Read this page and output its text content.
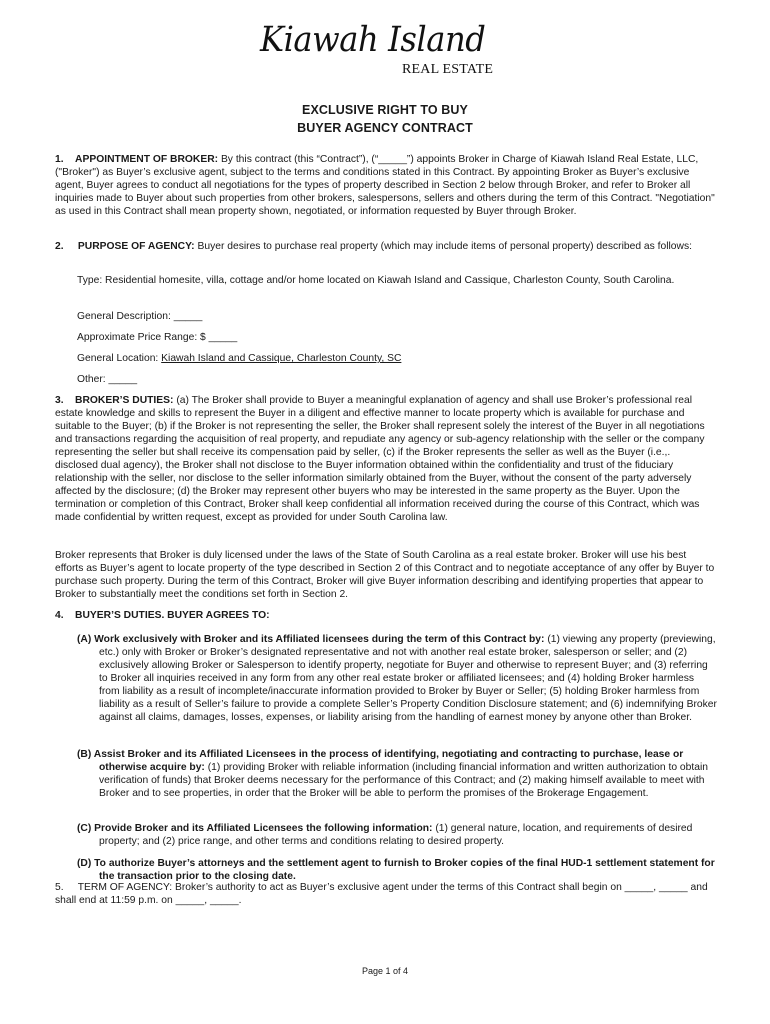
Kiawah Island
REAL ESTATE
EXCLUSIVE RIGHT TO BUY
BUYER AGENCY CONTRACT

1. APPOINTMENT OF BROKER: By this contract (this “Contract”), (“_____”) appoints Broker in Charge of Kiawah Island Real Estate, LLC, ("Broker") as Buyer’s exclusive agent, subject to the terms and conditions stated in this Contract. By appointing Broker as Buyer’s exclusive agent, Buyer agrees to conduct all negotiations for the types of property described in Section 2 below through Broker, and refer to Broker all inquiries made to Buyer about such properties from other brokers, salespersons, sellers and others during the term of this Contract. "Negotiation" as used in this Contract shall mean property shown, negotiated, or information requested by Buyer through Broker.

2. PURPOSE OF AGENCY: Buyer desires to purchase real property (which may include items of personal property) described as follows:

Type: Residential homesite, villa, cottage and/or home located on Kiawah Island and Cassique, Charleston County, South Carolina.
General Description: _____
Approximate Price Range: $ _____
General Location: Kiawah Island and Cassique, Charleston County, SC
Other: _____

3. BROKER’S DUTIES: (a) The Broker shall provide to Buyer a meaningful explanation of agency and shall use Broker’s professional real estate knowledge and skills to represent the Buyer in a diligent and effective manner to locate property which is available for purchase and suitable to the Buyer; (b) if the Broker is not representing the seller, the Broker shall represent solely the interest of the Buyer in all negotiations and transactions regarding the acquisition of real property, and repudiate any agency or sub-agency relationship with the seller or the company representing the seller but shall receive its compensation paid by seller, (c) if the Broker represents the seller as well as the Buyer (i.e.,. disclosed dual agency), the Broker shall not disclose to the Buyer information obtained within the confidentiality and trust of the fiduciary relationship with the seller, nor disclose to the seller information similarly obtained from the Buyer, without the consent of the party adversely affected by the disclosure; (d) the Broker may represent other buyers who may be interested in the same property as the Buyer. Upon the termination or completion of this Contract, Broker shall keep confidential all information received during the course of this Contract, which was made confidential by written request, except as provided for under South Carolina law.

Broker represents that Broker is duly licensed under the laws of the State of South Carolina as a real estate broker. Broker will use his best efforts as Buyer’s agent to locate property of the type described in Section 2 of this Contract and to negotiate acceptance of any offer by Buyer to purchase such property. During the term of this Contract, Broker will give Buyer information describing and identifying properties that appear to Broker to substantially meet the conditions set forth in Section 2.

4. BUYER’S DUTIES. BUYER AGREES TO:

(A) Work exclusively with Broker and its Affiliated licensees during the term of this Contract by: (1) viewing any property (previewing, etc.) only with Broker or Broker’s designated representative and not with another real estate broker, salesperson or seller; and (2) exclusively allowing Broker or Salesperson to identify property, negotiate for Buyer and otherwise to represent Buyer; and (3) referring to Broker all inquiries received in any form from any other real estate broker or affiliated licensees; and (4) holding Broker harmless from liability as a result of incomplete/inaccurate information provided to Broker by Buyer or Seller; (5) holding Broker harmless from liability as a result of Seller’s failure to provide a complete Seller’s Property Condition Disclosure statement; and (6) indemnifying Broker against all claims, damages, losses, expenses, or liability arising from the handling of earnest money by anyone other than Broker.

(B) Assist Broker and its Affiliated Licensees in the process of identifying, negotiating and contracting to purchase, lease or otherwise acquire by: (1) providing Broker with reliable information (including financial information and written authorization to obtain verification of funds) that Broker deems necessary for the performance of this Contract; and (2) making himself available to meet with Broker and to see properties, in order that the Broker will be able to perform the promises of the Brokerage Engagement.

(C) Provide Broker and its Affiliated Licensees the following information: (1) general nature, location, and requirements of desired property; and (2) price range, and other terms and conditions relating to desired property.

(D) To authorize Buyer’s attorneys and the settlement agent to furnish to Broker copies of the final HUD-1 settlement statement for the transaction prior to the closing date.

5. TERM OF AGENCY: Broker’s authority to act as Buyer’s exclusive agent under the terms of this Contract shall begin on _____, _____ and shall end at 11:59 p.m. on _____, _____.

Page 1 of 4
